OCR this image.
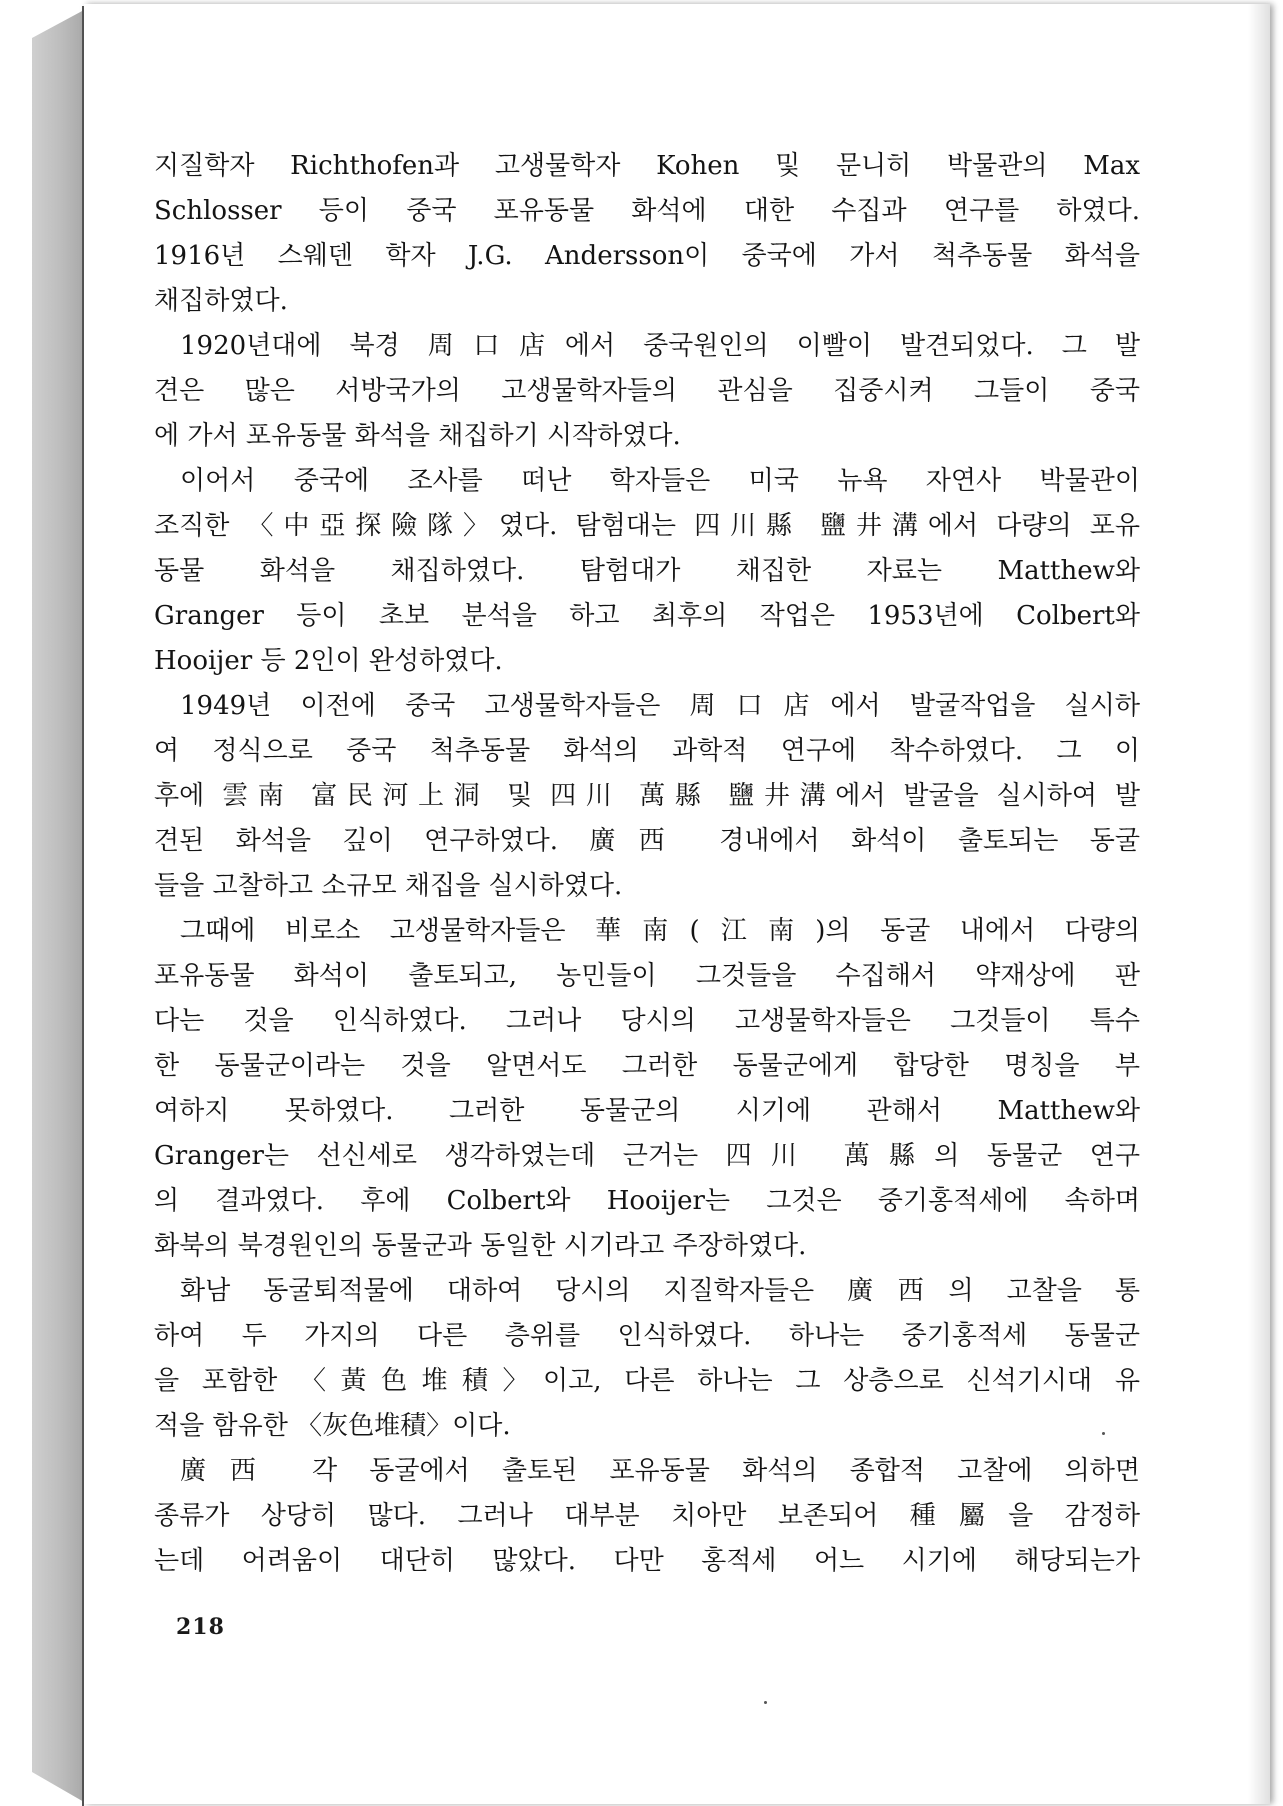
지질학자 Richthofen과 고생물학자 Kohen 및 문니히 박물관의 Max
Schlosser 등이 중국 포유동물 화석에 대한 수집과 연구를 하였다.
1916년 스웨덴 학자 J.G. Andersson이 중국에 가서 척추동물 화석을
채집하였다.
1920년대에 북경 周口店에서 중국원인의 이빨이 발견되었다. 그 발
견은 많은 서방국가의 고생물학자들의 관심을 집중시켜 그들이 중국
에 가서 포유동물 화석을 채집하기 시작하였다.
이어서 중국에 조사를 떠난 학자들은 미국 뉴욕 자연사 박물관이
조직한 〈中亞探險隊〉였다. 탐험대는 四川縣 鹽井溝에서 다량의 포유
동물 화석을 채집하였다. 탐험대가 채집한 자료는 Matthew와
Granger 등이 초보 분석을 하고 최후의 작업은 1953년에 Colbert와
Hooijer 등 2인이 완성하였다.
1949년 이전에 중국 고생물학자들은 周口店에서 발굴작업을 실시하
여 정식으로 중국 척추동물 화석의 과학적 연구에 착수하였다. 그 이
후에 雲南 富民河上洞 및 四川 萬縣 鹽井溝에서 발굴을 실시하여 발
견된 화석을 깊이 연구하였다. 廣西 경내에서 화석이 출토되는 동굴
들을 고찰하고 소규모 채집을 실시하였다.
그때에 비로소 고생물학자들은 華南(江南)의 동굴 내에서 다량의
포유동물 화석이 출토되고, 농민들이 그것들을 수집해서 약재상에 판
다는 것을 인식하였다. 그러나 당시의 고생물학자들은 그것들이 특수
한 동물군이라는 것을 알면서도 그러한 동물군에게 합당한 명칭을 부
여하지 못하였다. 그러한 동물군의 시기에 관해서 Matthew와
Granger는 선신세로 생각하였는데 근거는 四川 萬縣의 동물군 연구
의 결과였다. 후에 Colbert와 Hooijer는 그것은 중기홍적세에 속하며
화북의 북경원인의 동물군과 동일한 시기라고 주장하였다.
화남 동굴퇴적물에 대하여 당시의 지질학자들은 廣西의 고찰을 통
하여 두 가지의 다른 층위를 인식하였다. 하나는 중기홍적세 동물군
을 포함한 〈黃色堆積〉이고, 다른 하나는 그 상층으로 신석기시대 유
적을 함유한 〈灰色堆積〉이다.
廣西 각 동굴에서 출토된 포유동물 화석의 종합적 고찰에 의하면
종류가 상당히 많다. 그러나 대부분 치아만 보존되어 種屬을 감정하
는데 어려움이 대단히 많았다. 다만 홍적세 어느 시기에 해당되는가
218
